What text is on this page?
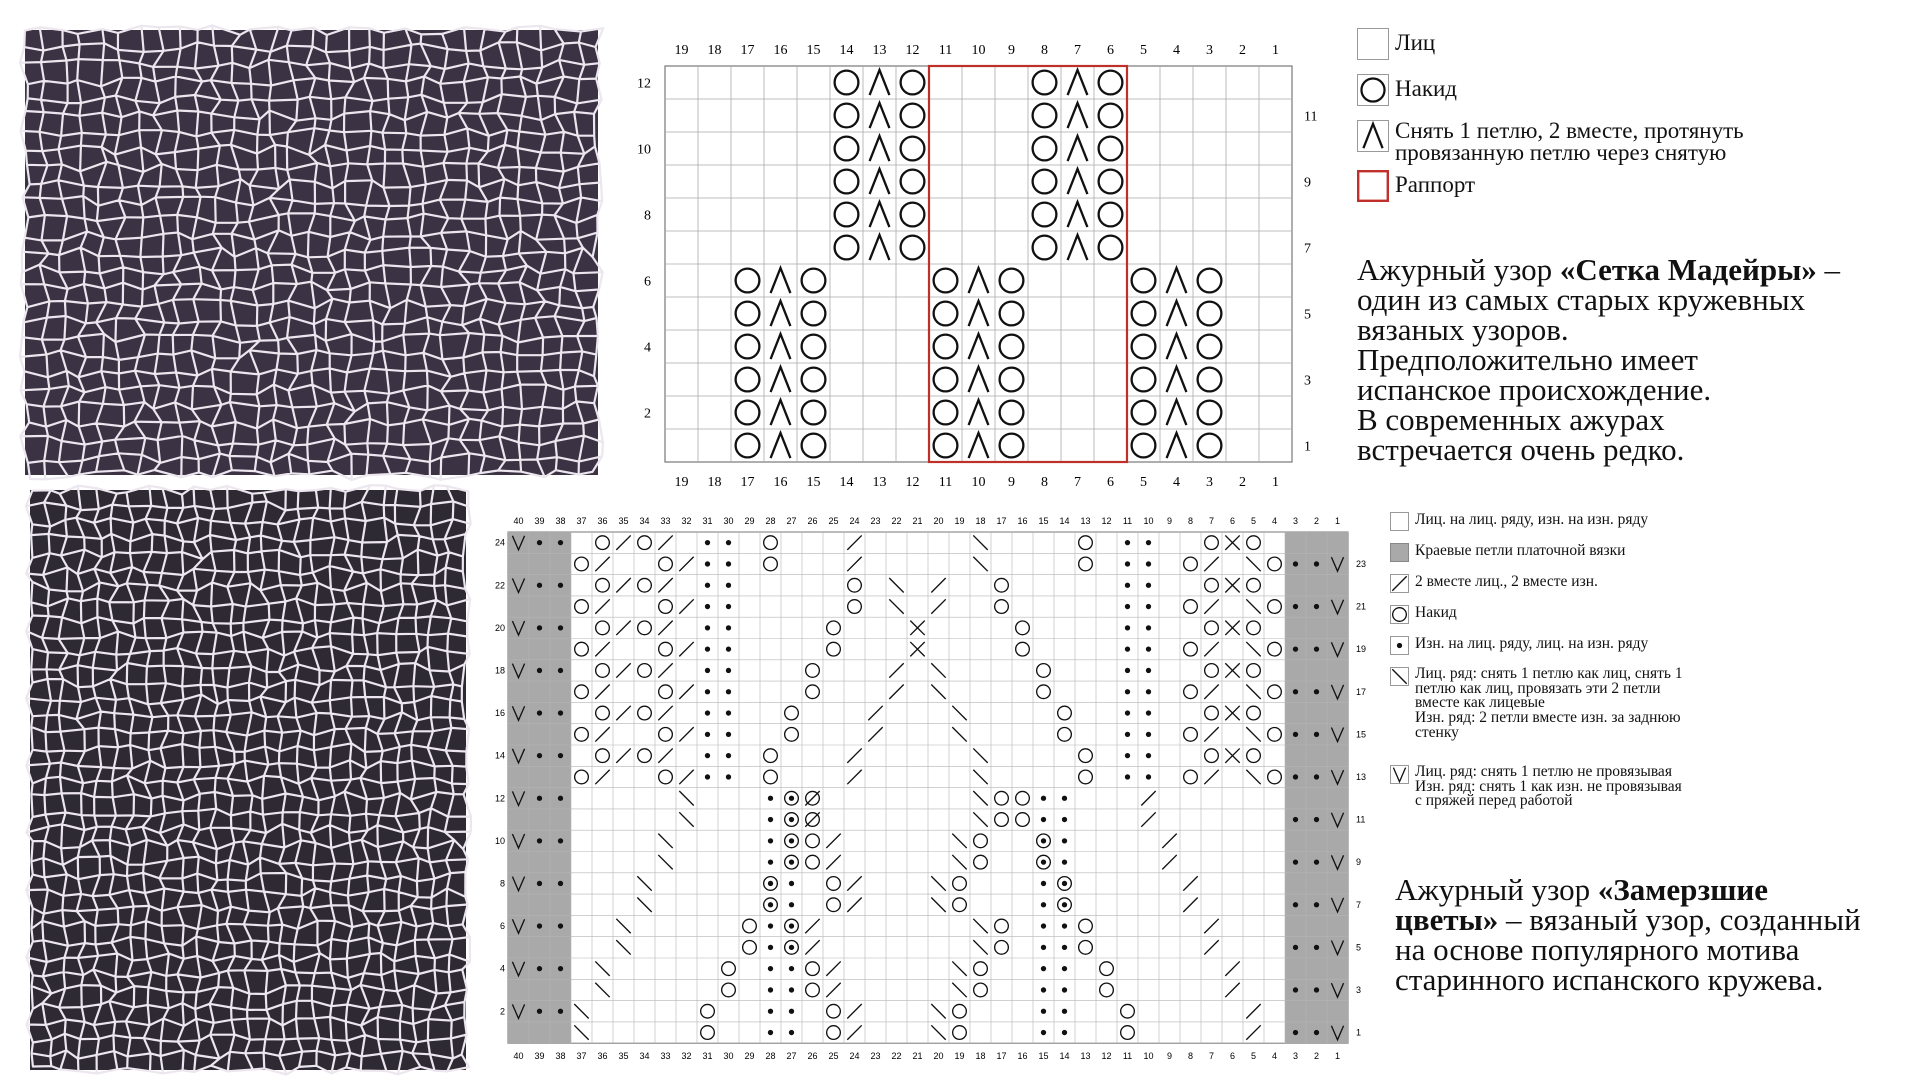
19 18 17 16 15 14 13 12 11 10 9 8 7 6 5 4 3 2 1
19 18 17 16 15 14 13 12 11 10 9 8 7 6 5 4 3 2 1
12
10
8
6
4
2
11
9
7
5
3
1
Лиц
Накид
Снять 1 петлю, 2 вместе, протянуть
провязанную петлю через снятую
Раппорт
Ажурный узор «Сетка Мадейры» –
один из самых старых кружевных
вязаных узоров.
Предположительно имеет
испанское происхождение.
В современных ажурах
встречается очень редко.
40
40
39
39
38
38
37
37
36
36
35
35
34
34
33
33
32
32
31
31
30
30
29
29
28
28
27
27
26
26
25
25
24
24
23
23
22
22
21
21
20
20
19
19
18
18
17
17
16
16
15
15
14
14
13
13
12
12
11
11
10
10
9
9
8
8
7
7
6
6
5
5
4
4
3
3
2
2
1
1
24
22
20
18
16
14
12
10
8
6
4
2
23
21
19
17
15
13
11
9
7
5
3
1
Лиц. на лиц. ряду, изн. на изн. ряду
Краевые петли платочной вязки
2 вместе лиц., 2 вместе изн.
Накид
Изн. на лиц. ряду, лиц. на изн. ряду
Лиц. ряд: снять 1 петлю как лиц, снять 1
петлю как лиц, провязать эти 2 петли
вместе как лицевые
Изн. ряд: 2 петли вместе изн. за заднюю
стенку
Лиц. ряд: снять 1 петлю не провязывая
Изн. ряд: снять 1 как изн. не провязывая
с пряжей перед работой
Ажурный узор «Замерзшие
цветы» – вязаный узор, созданный
на основе популярного мотива
старинного испанского кружева.
